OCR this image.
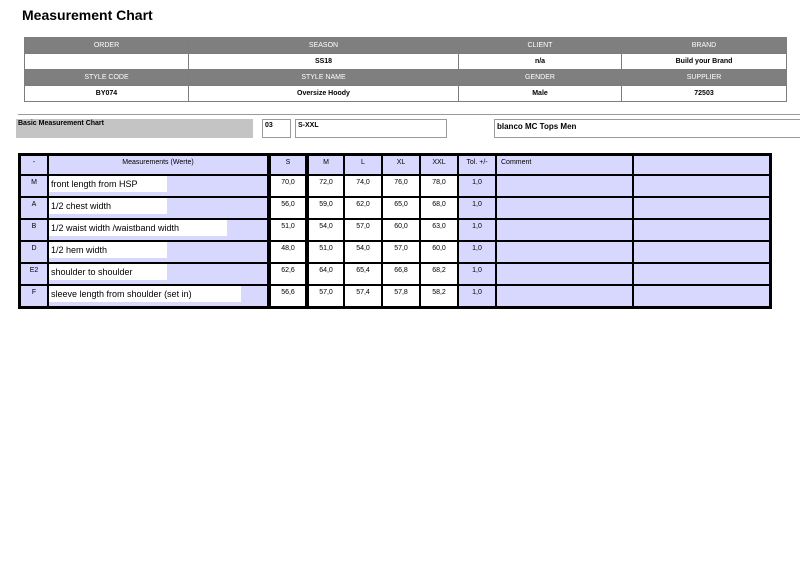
Measurement Chart
ORDER	SEASON	CLIENT	BRAND
	SS18	n/a	Build your Brand
STYLE CODE	STYLE NAME	GENDER	SUPPLIER
BY074	Oversize Hoody	Male	72503
Basic Measurement Chart	03	S-XXL	blanco MC Tops Men
-	Measurements (Werte)	S	M	L	XL	XXL	Tol. +/-	Comment	
M	front length from HSP	70,0	72,0	74,0	76,0	78,0	1,0		
A	1/2 chest width	56,0	59,0	62,0	65,0	68,0	1,0		
B	1/2 waist width /waistband width	51,0	54,0	57,0	60,0	63,0	1,0		
D	1/2 hem width	48,0	51,0	54,0	57,0	60,0	1,0		
E2	shoulder to shoulder	62,6	64,0	65,4	66,8	68,2	1,0		
F	sleeve length from shoulder (set in)	56,6	57,0	57,4	57,8	58,2	1,0		
